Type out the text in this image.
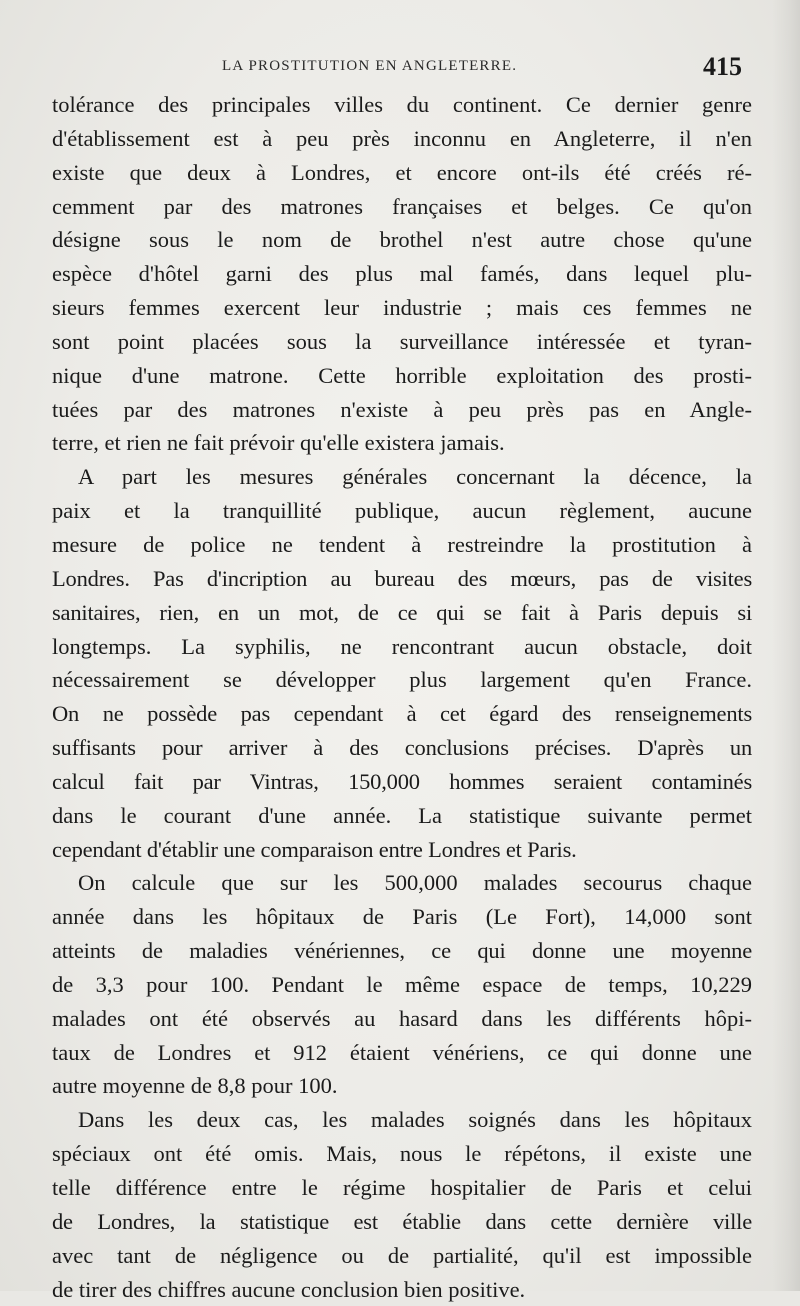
LA PROSTITUTION EN ANGLETERRE.	415
tolérance des principales villes du continent. Ce dernier genre
d'établissement est à peu près inconnu en Angleterre, il n'en
existe que deux à Londres, et encore ont-ils été créés ré-
cemment par des matrones françaises et belges. Ce qu'on
désigne sous le nom de brothel n'est autre chose qu'une
espèce d'hôtel garni des plus mal famés, dans lequel plu-
sieurs femmes exercent leur industrie ; mais ces femmes ne
sont point placées sous la surveillance intéressée et tyran-
nique d'une matrone. Cette horrible exploitation des prosti-
tuées par des matrones n'existe à peu près pas en Angle-
terre, et rien ne fait prévoir qu'elle existera jamais.
A part les mesures générales concernant la décence, la
paix et la tranquillité publique, aucun règlement, aucune
mesure de police ne tendent à restreindre la prostitution à
Londres. Pas d'incription au bureau des mœurs, pas de visites
sanitaires, rien, en un mot, de ce qui se fait à Paris depuis si
longtemps. La syphilis, ne rencontrant aucun obstacle, doit
nécessairement se développer plus largement qu'en France.
On ne possède pas cependant à cet égard des renseignements
suffisants pour arriver à des conclusions précises. D'après un
calcul fait par Vintras, 150,000 hommes seraient contaminés
dans le courant d'une année. La statistique suivante permet
cependant d'établir une comparaison entre Londres et Paris.
On calcule que sur les 500,000 malades secourus chaque
année dans les hôpitaux de Paris (Le Fort), 14,000 sont
atteints de maladies vénériennes, ce qui donne une moyenne
de 3,3 pour 100. Pendant le même espace de temps, 10,229
malades ont été observés au hasard dans les différents hôpi-
taux de Londres et 912 étaient vénériens, ce qui donne une
autre moyenne de 8,8 pour 100.
Dans les deux cas, les malades soignés dans les hôpitaux
spéciaux ont été omis. Mais, nous le répétons, il existe une
telle différence entre le régime hospitalier de Paris et celui
de Londres, la statistique est établie dans cette dernière ville
avec tant de négligence ou de partialité, qu'il est impossible
de tirer des chiffres aucune conclusion bien positive.
